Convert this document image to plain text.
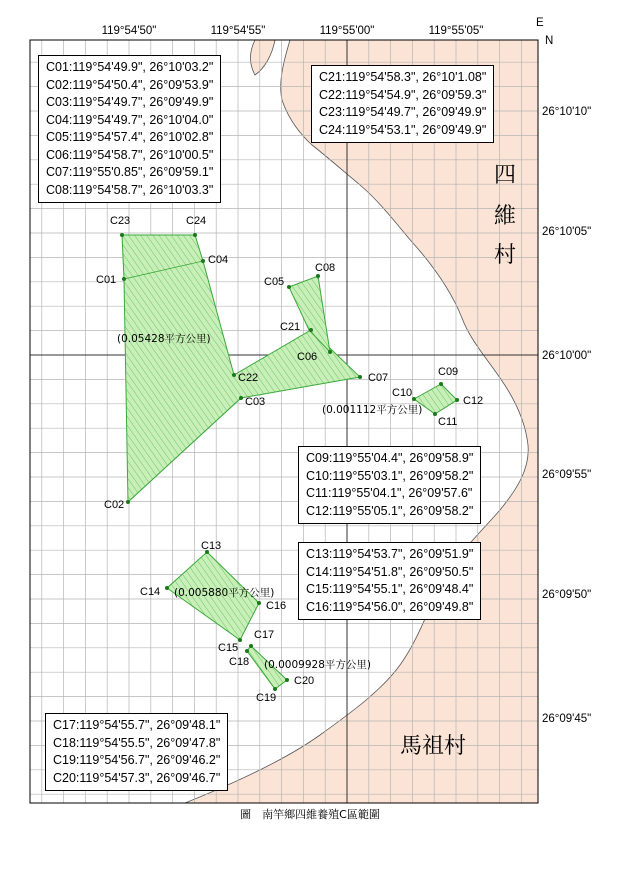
C01
C02
C03
C04
C05
C06
C07
C08
C09
C10
C11
C12
C13
C14
C15
C16
C17
C18
C19
C20
C21
C22
C23	C24
(0.05428平方公里)
(0.001112平方公里)
(0.005880平方公里)
(0.0009928平方公里)
四
維
村
馬祖村
119°54'50"	119°54'55"	119°55'00"	119°55'05"
26°10'10"
26°10'05"
26°10'00"
26°09'55"
26°09'50"
26°09'45"
E
N
C01:119°54'49.9", 26°10'03.2"
C02:119°54'50.4", 26°09'53.9"
C03:119°54'49.7", 26°09'49.9"
C04:119°54'49.7", 26°10'04.0"
C05:119°54'57.4", 26°10'02.8"
C06:119°54'58.7", 26°10'00.5"
C07:119°55'0.85", 26°09'59.1"
C08:119°54'58.7", 26°10'03.3"
C21:119°54'58.3", 26°10'1.08"
C22:119°54'54.9", 26°09'59.3"
C23:119°54'49.7", 26°09'49.9"
C24:119°54'53.1", 26°09'49.9"
C09:119°55'04.4", 26°09'58.9"
C10:119°55'03.1", 26°09'58.2"
C11:119°55'04.1", 26°09'57.6"
C12:119°55'05.1", 26°09'58.2"
C13:119°54'53.7", 26°09'51.9"
C14:119°54'51.8", 26°09'50.5"
C15:119°54'55.1", 26°09'48.4"
C16:119°54'56.0", 26°09'49.8"
C17:119°54'55.7", 26°09'48.1"
C18:119°54'55.5", 26°09'47.8"
C19:119°54'56.7", 26°09'46.2"
C20:119°54'57.3", 26°09'46.7"
圖　南竿鄉四維養殖C區範圍
